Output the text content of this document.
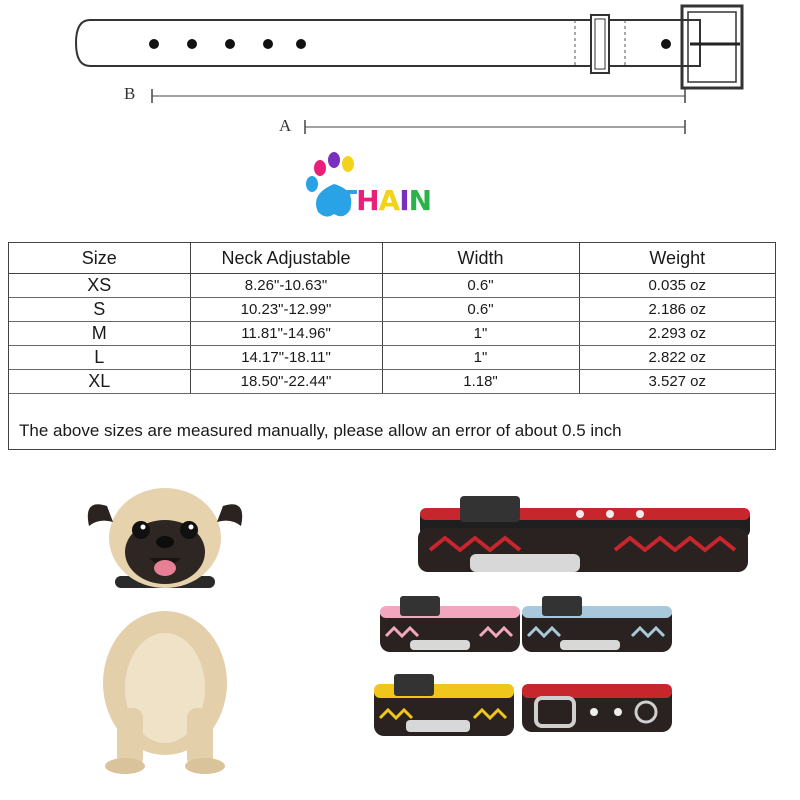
B
A
THAIN
Size	Neck Adjustable	Width	Weight
XS	8.26"-10.63"	0.6"	0.035 oz
S	10.23"-12.99"	0.6"	2.186 oz
M	11.81"-14.96"	1"	2.293 oz
L	14.17"-18.11"	1"	2.822 oz
XL	18.50"-22.44"	1.18"	3.527 oz
The above sizes are measured manually, please allow an error of about 0.5 inch
